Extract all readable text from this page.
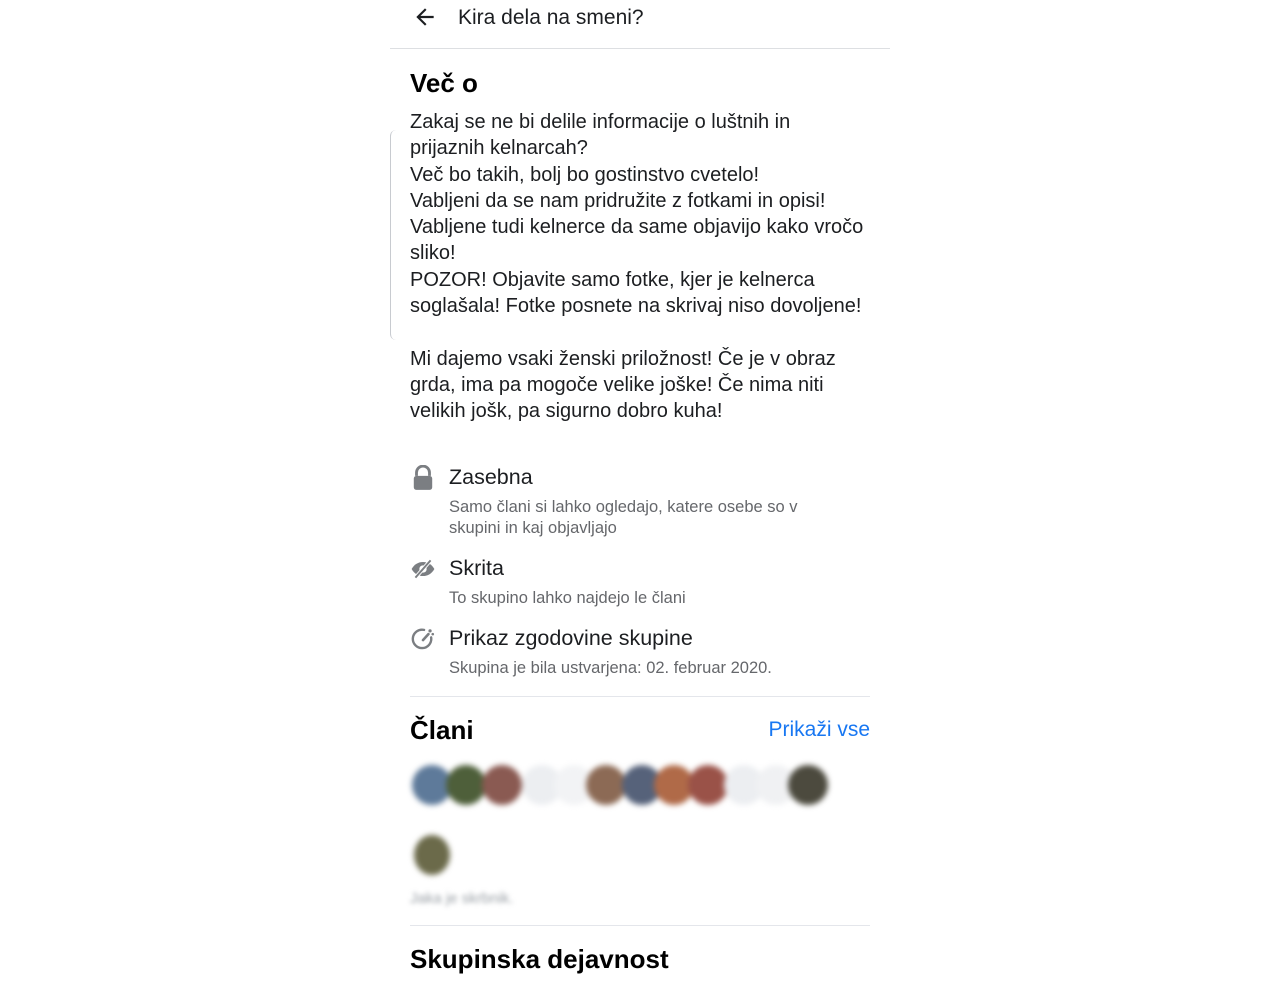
Kira dela na smeni?
Več o

Zakaj se ne bi delile informacije o luštnih in prijaznih kelnarcah?

Več bo takih, bolj bo gostinstvo cvetelo!

Vabljeni da se nam pridružite z fotkami in opisi!

Vabljene tudi kelnerce da same objavijo kako vročo sliko!

POZOR! Objavite samo fotke, kjer je kelnerca soglašala! Fotke posnete na skrivaj niso dovoljene!

Mi dajemo vsaki ženski priložnost! Če je v obraz grda, ima pa mogoče velike joške! Če nima niti velikih jošk, pa sigurno dobro kuha!

Zasebna
Samo člani si lahko ogledajo, katere osebe so v skupini in kaj objavljajo
Skrita
To skupino lahko najdejo le člani
Prikaz zgodovine skupine
Skupina je bila ustvarjena: 02. februar 2020.
Člani	Prikaži vse
Jaka je skrbnik.
Skupinska dejavnost
